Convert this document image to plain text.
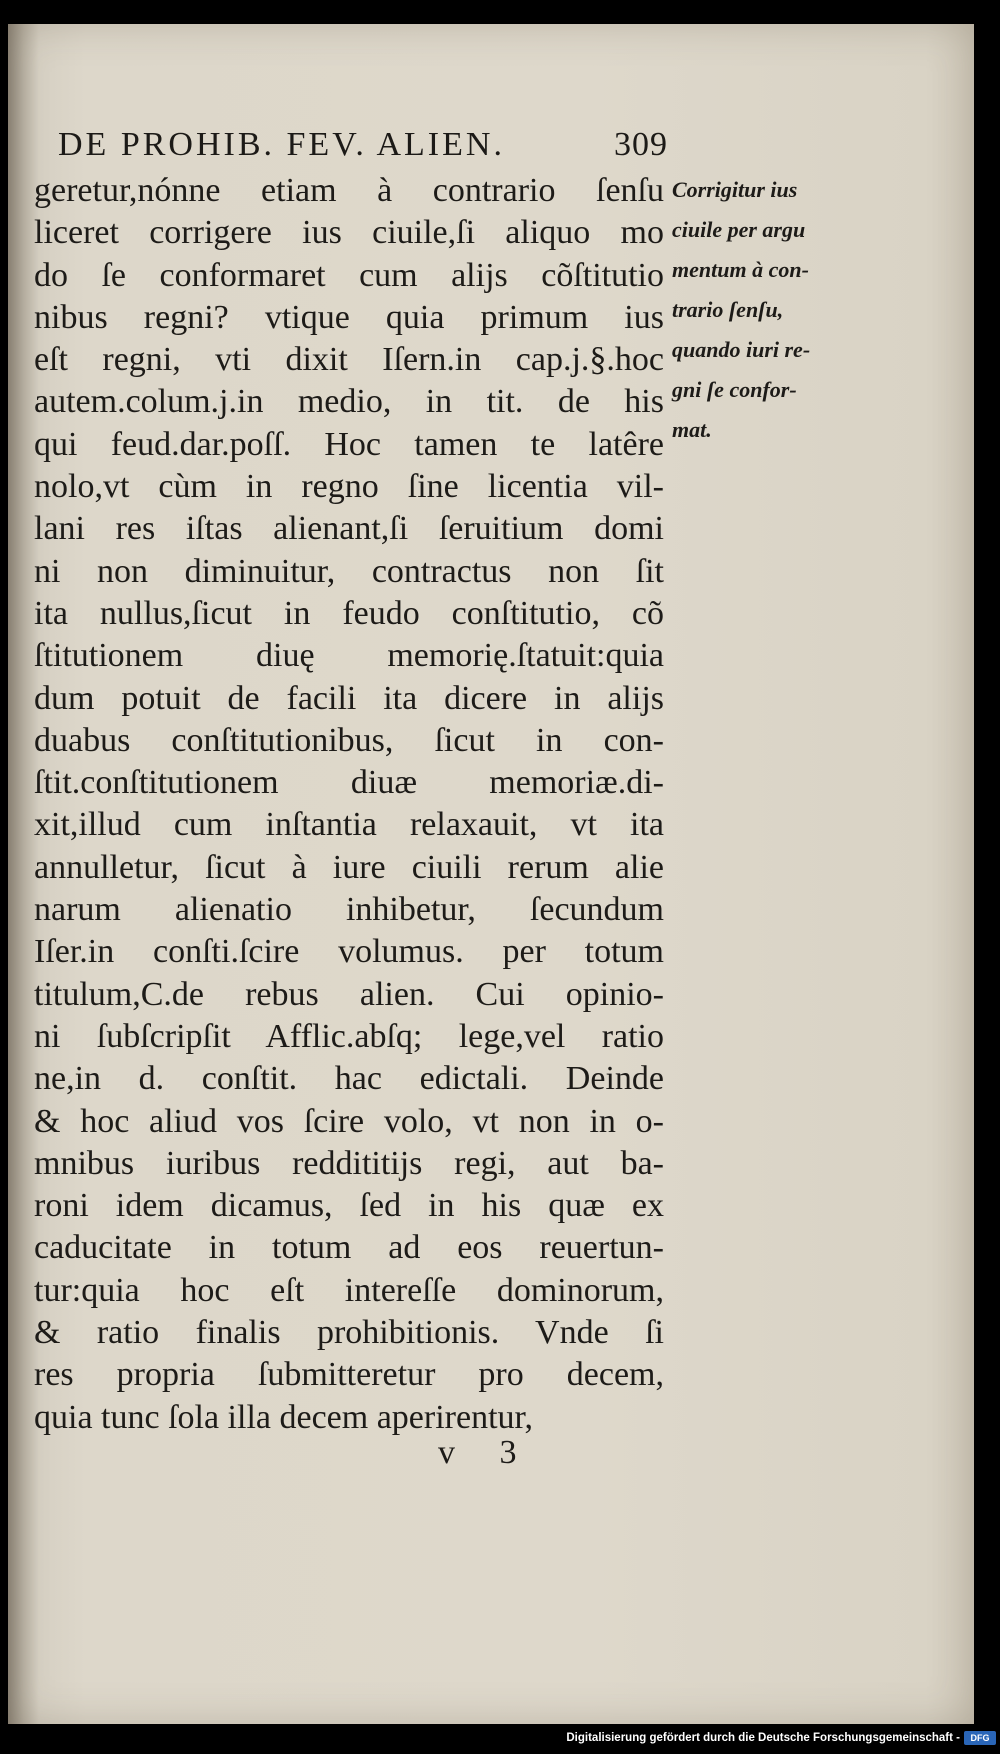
DE PROHIB. FEV. ALIEN.	309
geretur,nónne etiam à contrario ſenſu
liceret corrigere ius ciuile,ſi aliquo mo
do ſe conformaret cum alijs cõſtitutio
nibus regni? vtique quia primum ius
eſt regni, vti dixit Iſern.in cap.j.§.hoc
autem.colum.j.in medio, in tit. de his
qui feud.dar.poſſ. Hoc tamen te latêre
nolo,vt cùm in regno ſine licentia vil-
lani res iſtas alienant,ſi ſeruitium domi
ni non diminuitur, contractus non ſit
ita nullus,ſicut in feudo conſtitutio, cõ
ſtitutionem diuę memorię.ſtatuit:quia
dum potuit de facili ita dicere in alijs
duabus conſtitutionibus, ſicut in con-
ſtit.conſtitutionem diuæ memoriæ.di-
xit,illud cum inſtantia relaxauit, vt ita
annulletur, ſicut à iure ciuili rerum alie
narum alienatio inhibetur, ſecundum
Iſer.in conſti.ſcire volumus. per totum
titulum,C.de rebus alien. Cui opinio-
ni ſubſcripſit Afflic.abſq; lege,vel ratio
ne,in d. conſtit. hac edictali. Deinde
& hoc aliud vos ſcire volo, vt non in o-
mnibus iuribus reddititijs regi, aut ba-
roni idem dicamus, ſed in his quæ ex
caducitate in totum ad eos reuertun-
tur:quia hoc eſt intereſſe dominorum,
& ratio finalis prohibitionis. Vnde ſi
res propria ſubmitteretur pro decem,
quia tunc ſola illa decem aperirentur,
Corrigitur ius
ciuile per argu
mentum à con-
trario ſenſu,
quando iuri re-
gni ſe confor-
mat.
v 3
Digitalisierung gefördert durch die Deutsche Forschungsgemeinschaft -	DFG
